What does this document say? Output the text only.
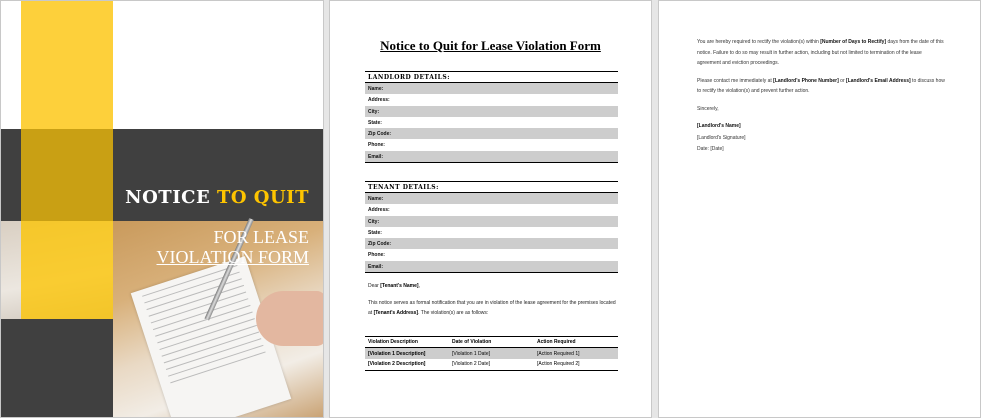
NOTICE TO QUIT
FOR LEASE
VIOLATION FORM
Notice to Quit for Lease Violation Form
LANDLORD DETAILS:
Name:
Address:
City:
State:
Zip Code:
Phone:
Email:
TENANT DETAILS:
Name:
Address:
City:
State:
Zip Code:
Phone:
Email:
Dear [Tenant's Name],
This notice serves as formal notification that you are in violation of the lease agreement for the premises located at [Tenant's Address]. The violation(s) are as follows:
Violation Description	Date of Violation	Action Required
[Violation 1 Description]	[Violation 1 Date]	[Action Required 1]
[Violation 2 Description]	[Violation 2 Date]	[Action Required 2]

You are hereby required to rectify the violation(s) within [Number of Days to Rectify] days from the date of this notice. Failure to do so may result in further action, including but not limited to termination of the lease agreement and eviction proceedings.

Please contact me immediately at [Landlord's Phone Number] or [Landlord's Email Address] to discuss how to rectify the violation(s) and prevent further action.

Sincerely,

[Landlord's Name]
[Landlord's Signature]
Date: [Date]
